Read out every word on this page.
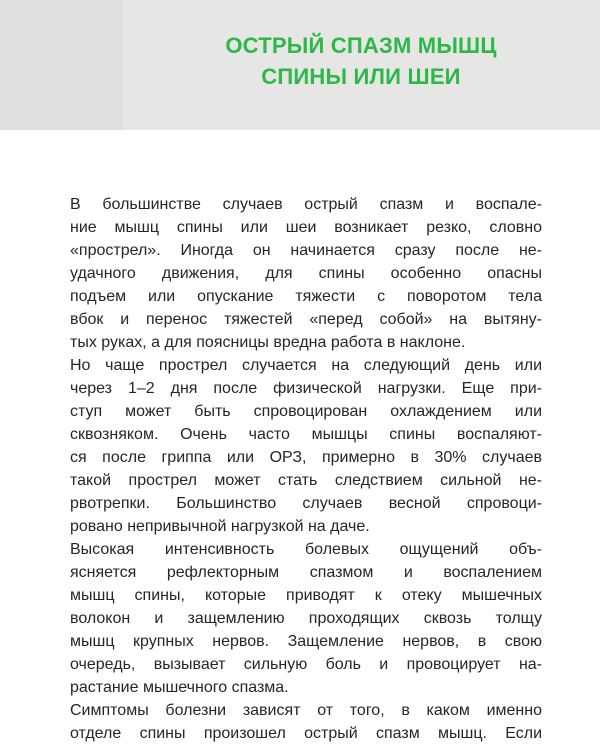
ОСТРЫЙ СПАЗМ МЫШЦ
СПИНЫ ИЛИ ШЕИ

В большинстве случаев острый спазм и воспале-
ние мышц спины или шеи возникает резко, словно
«прострел». Иногда он начинается сразу после не-
удачного движения, для спины особенно опасны
подъем или опускание тяжести с поворотом тела
вбок и перенос тяжестей «перед собой» на вытяну-
тых руках, а для поясницы вредна работа в наклоне.

Но чаще прострел случается на следующий день или
через 1–2 дня после физической нагрузки. Еще при-
ступ может быть спровоцирован охлаждением или
сквозняком. Очень часто мышцы спины воспаляют-
ся после гриппа или ОРЗ, примерно в 30% случаев
такой прострел может стать следствием сильной не-
рвотрепки. Большинство случаев весной спровоци-
ровано непривычной нагрузкой на даче.

Высокая интенсивность болевых ощущений объ-
ясняется рефлекторным спазмом и воспалением
мышц спины, которые приводят к отеку мышечных
волокон и защемлению проходящих сквозь толщу
мышц крупных нервов. Защемление нервов, в свою
очередь, вызывает сильную боль и провоцирует на-
растание мышечного спазма.

Симптомы болезни зависят от того, в каком именно
отделе спины произошел острый спазм мышц. Если
